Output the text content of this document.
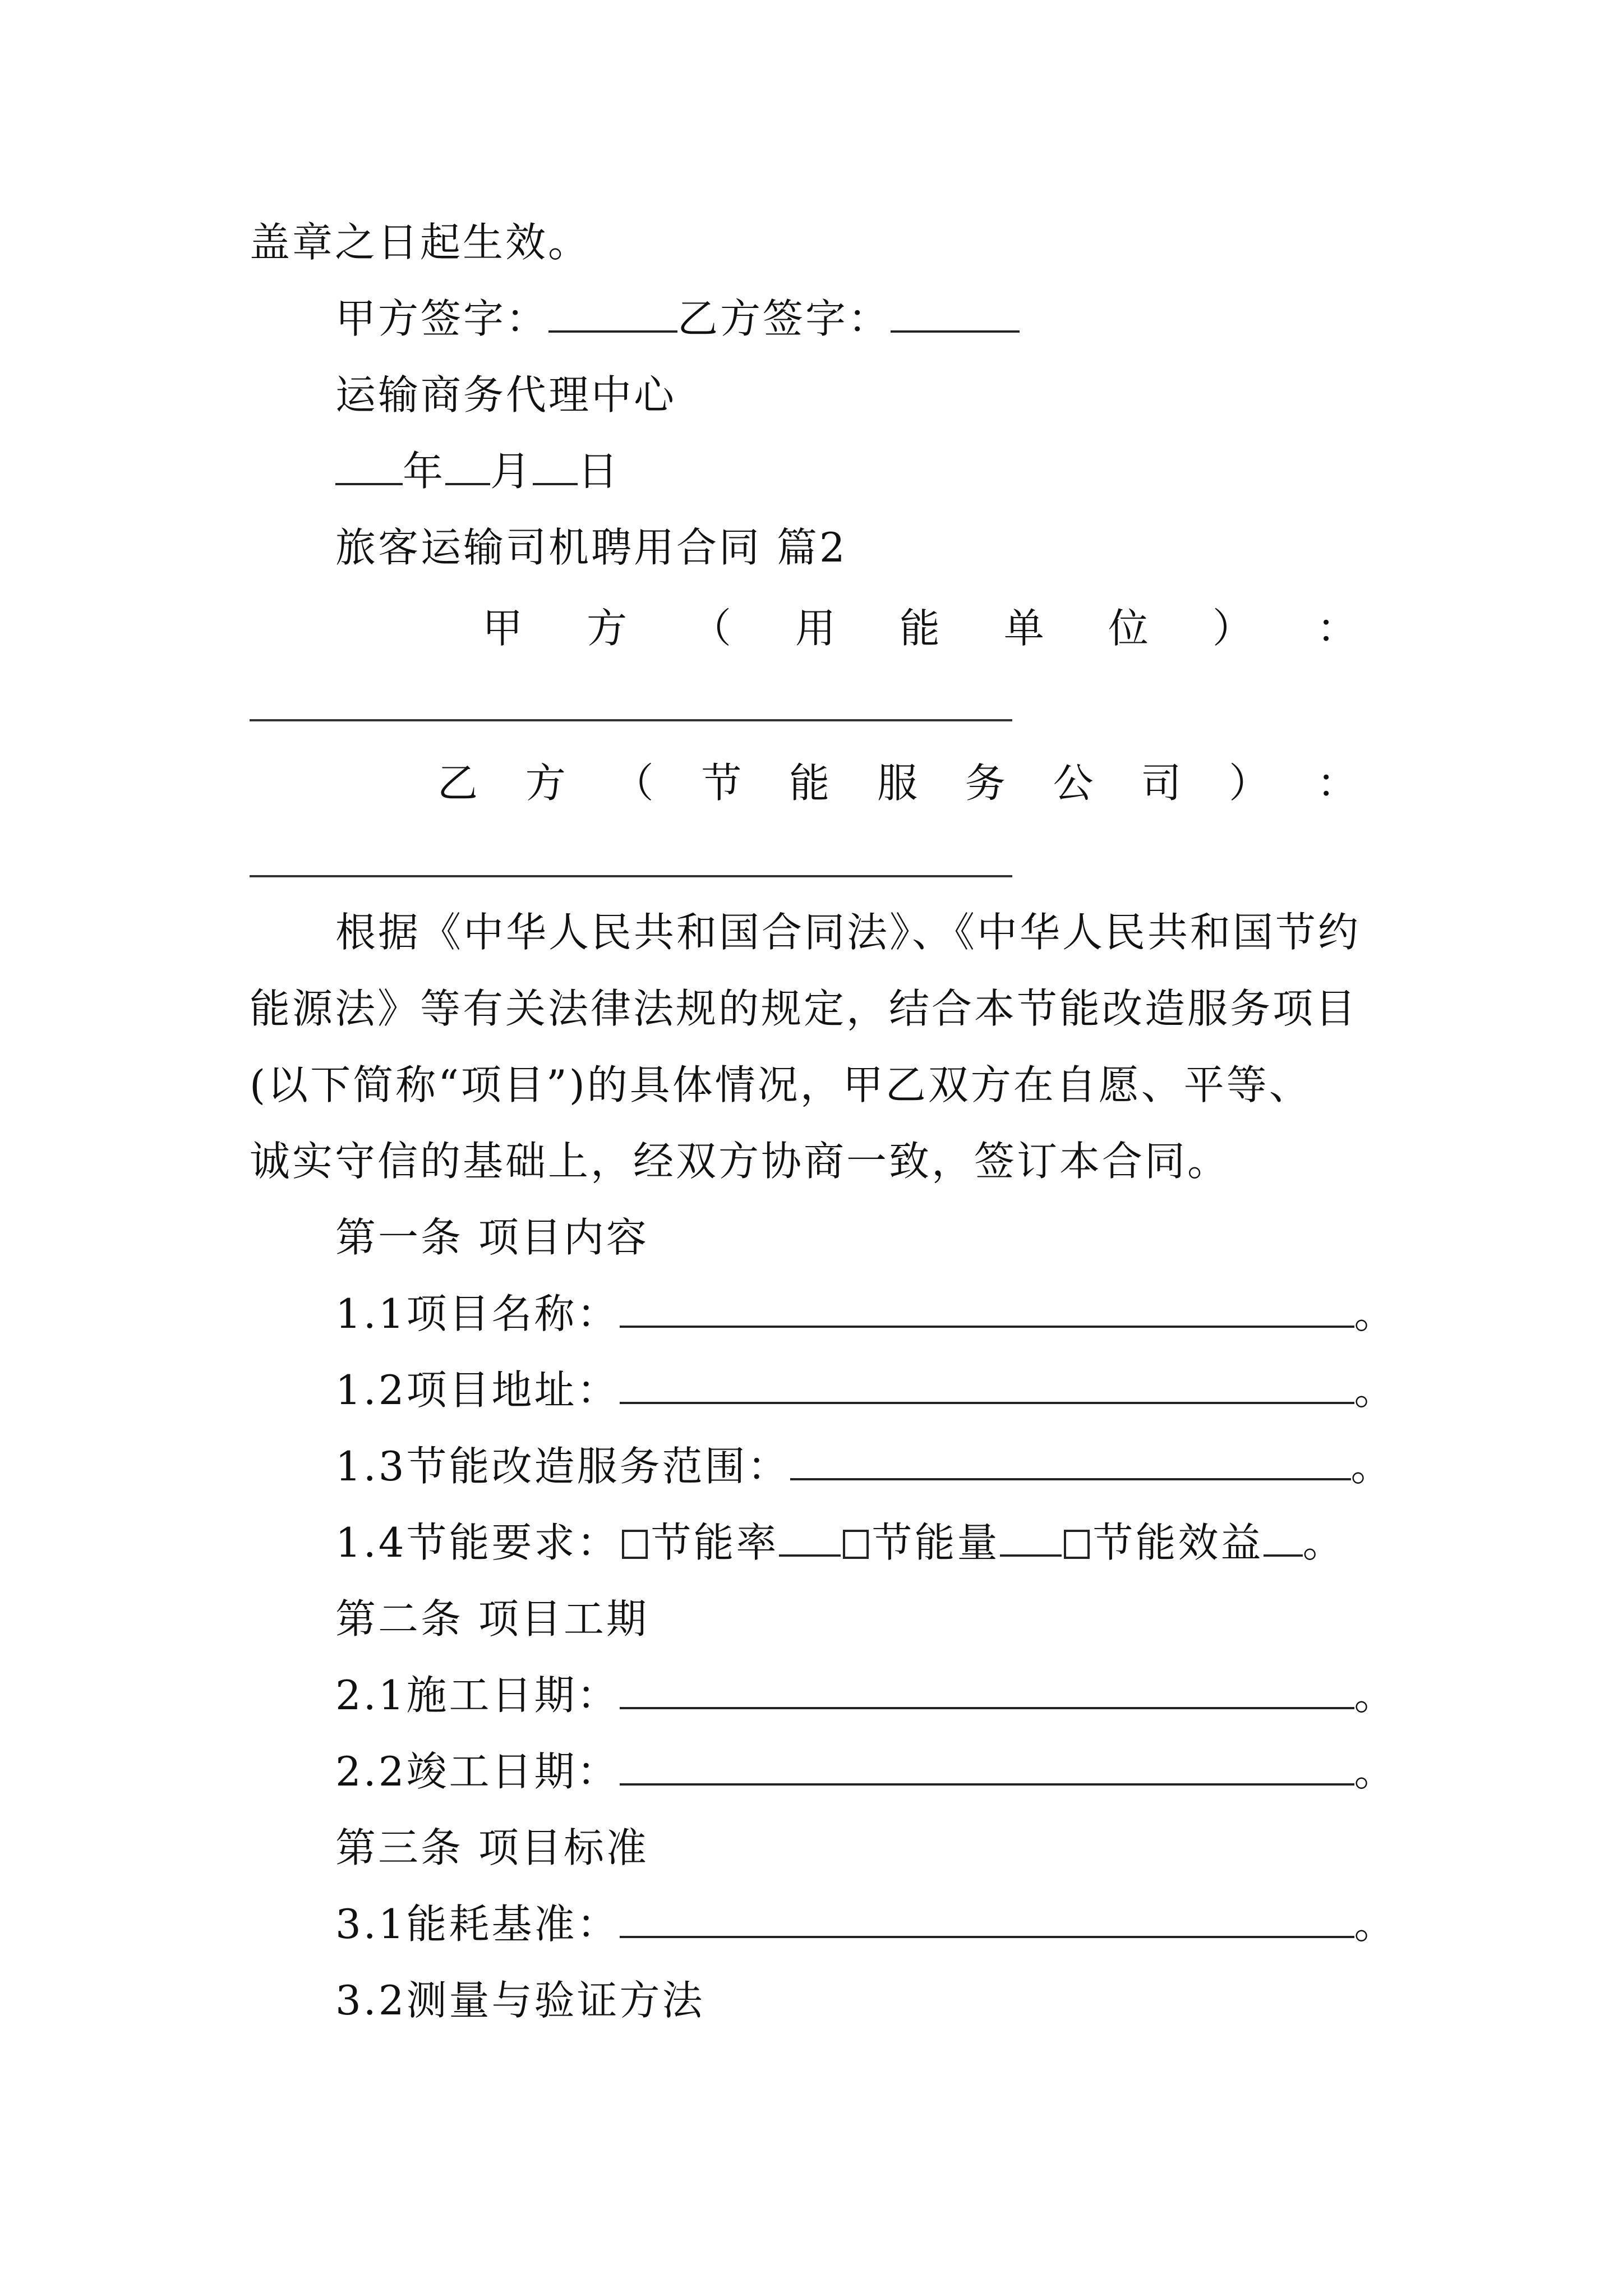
盖章之日起生效。
甲方签字：	乙方签字：
运输商务代理中心
年 月 日
旅客运输司机聘用合同 篇2
甲 方 （ 用 能 单 位 ） ：
乙 方 （ 节 能 服 务 公 司 ） ：
根据《中华人民共和国合同法》、《中华人民共和国节约
能源法》等有关法律法规的规定，结合本节能改造服务项目
(以下简称“项目”)的具体情况，甲乙双方在自愿、平等、
诚实守信的基础上，经双方协商一致，签订本合同。
第一条 项目内容
1.1项目名称：	。
1.2项目地址：	。
1.3节能改造服务范围：	。
1.4节能要求： 节能率 节能量 节能效益 。
第二条 项目工期
2.1施工日期：	。
2.2竣工日期：	。
第三条 项目标准
3.1能耗基准：	。
3.2测量与验证方法
